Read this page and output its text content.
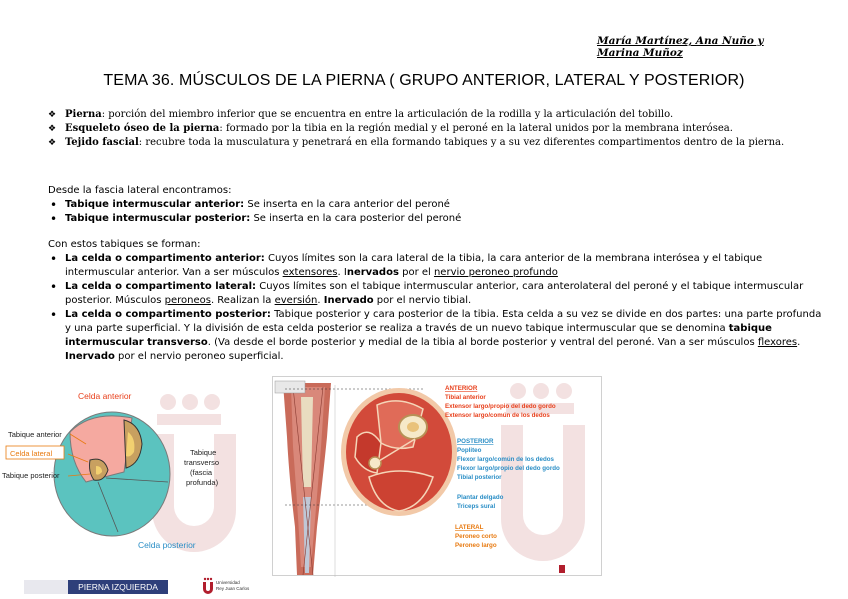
María Martínez, Ana Nuño y
Marina Muñoz
TEMA 36. MÚSCULOS DE LA PIERNA ( GRUPO ANTERIOR, LATERAL Y POSTERIOR)
❖ Pierna: porción del miembro inferior que se encuentra en entre la articulación de la rodilla y la articulación del tobillo.
❖ Esqueleto óseo de la pierna: formado por la tibia en la región medial y el peroné en la lateral unidos por la membrana interósea.
❖ Tejido fascial: recubre toda la musculatura y penetrará en ella formando tabiques y a su vez diferentes compartimentos dentro de la pierna.
Desde la fascia lateral encontramos:
• Tabique intermuscular anterior: Se inserta en la cara anterior del peroné
• Tabique intermuscular posterior: Se inserta en la cara posterior del peroné
Con estos tabiques se forman:
• La celda o compartimento anterior: Cuyos límites son la cara lateral de la tibia, la cara anterior de la membrana interósea y el tabique intermuscular anterior. Van a ser músculos extensores. Inervados por el nervio peroneo profundo
• La celda o compartimento lateral: Cuyos límites son el tabique intermuscular anterior, cara anterolateral del peroné y el tabique intermuscular posterior. Músculos peroneos. Realizan la eversión. Inervado por el nervio tibial.
• La celda o compartimento posterior: Tabique posterior y cara posterior de la tibia. Esta celda a su vez se divide en dos partes: una parte profunda y una parte superficial. Y la división de esta celda posterior se realiza a través de un nuevo tabique intermuscular que se denomina tabique intermuscular transverso. (Va desde el borde posterior y medial de la tibia al borde posterior y ventral del peroné. Van a ser músculos flexores. Inervado por el nervio peroneo superficial.
Celda anterior
Tabique anterior
Celda lateral
Tabique posterior
Tabique
transverso
(fascia
profunda)
Celda posterior
ANTERIOR
Tibial anterior
Extensor largo/propio del dedo gordo
Extensor largo/común de los dedos
POSTERIOR
Popliteo
Flexor largo/común de los dedos
Flexor largo/propio del dedo gordo
Tibial posterior
Plantar delgado
Triceps sural
LATERAL
Peroneo corto
Peroneo largo
PIERNA IZQUIERDA	Universidad
Rey Juan Carlos
